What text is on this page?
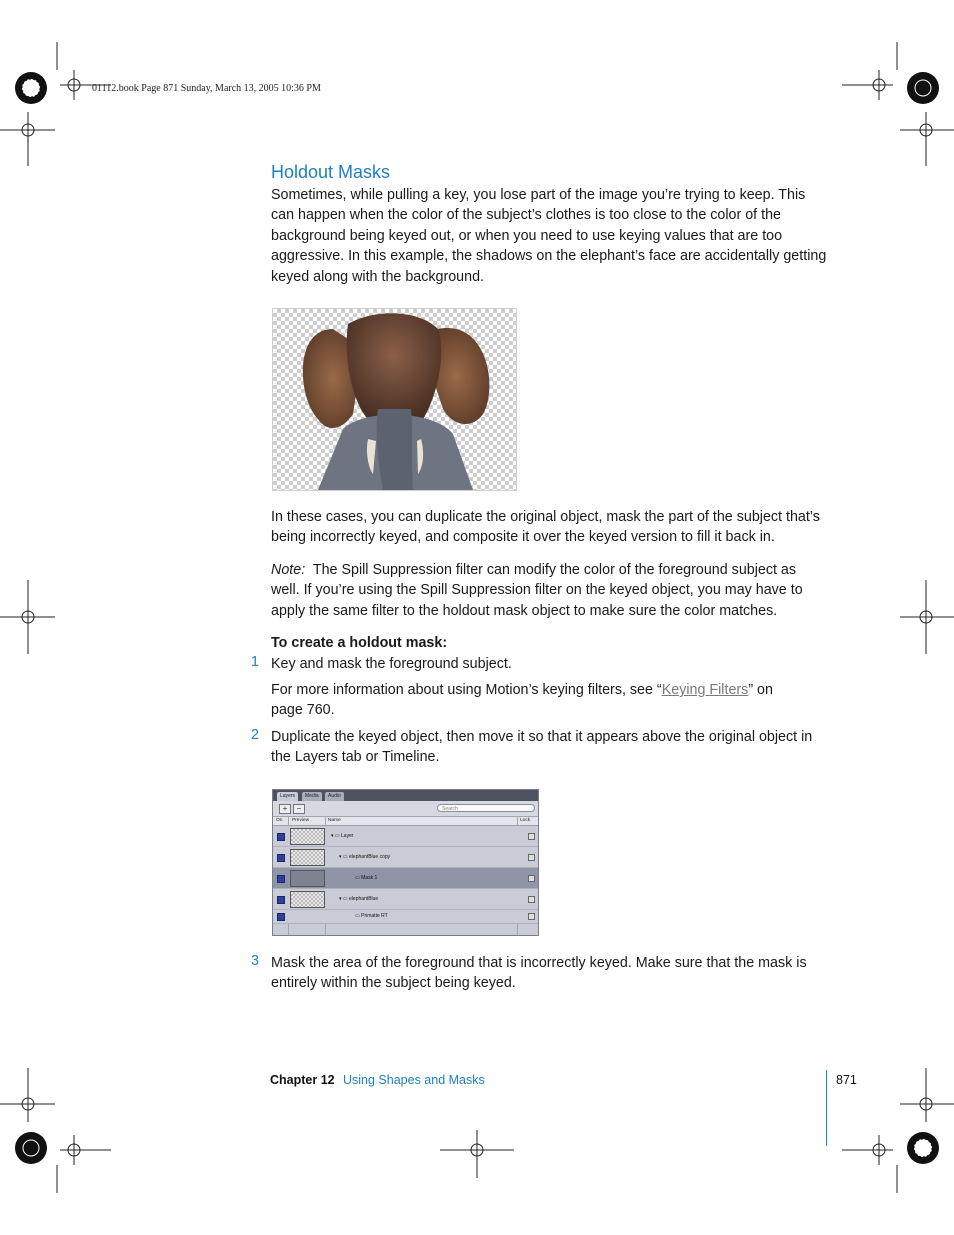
01112.book Page 871 Sunday, March 13, 2005 10:36 PM
Holdout Masks
Sometimes, while pulling a key, you lose part of the image you’re trying to keep. This can happen when the color of the subject’s clothes is too close to the color of the background being keyed out, or when you need to use keying values that are too aggressive. In this example, the shadows on the elephant’s face are accidentally getting keyed along with the background.
In these cases, you can duplicate the original object, mask the part of the subject that’s being incorrectly keyed, and composite it over the keyed version to fill it back in.
Note: The Spill Suppression filter can modify the color of the foreground subject as well. If you’re using the Spill Suppression filter on the keyed object, you may have to apply the same filter to the holdout mask object to make sure the color matches.
To create a holdout mask:
1 Key and mask the foreground subject.
For more information about using Motion’s keying filters, see “Keying Filters” on page 760.
2 Duplicate the keyed object, then move it so that it appears above the original object in the Layers tab or Timeline.
Layers	Media	Audio
+	−	Search
On Preview	Name	Lock
▾ ▭ Layer
▾ ▭ elephantBlue copy
▭ Mask 1
▾ ▭ elephantBlue
▭ Primatte RT
3 Mask the area of the foreground that is incorrectly keyed. Make sure that the mask is entirely within the subject being keyed.
Chapter 12 Using Shapes and Masks	871
